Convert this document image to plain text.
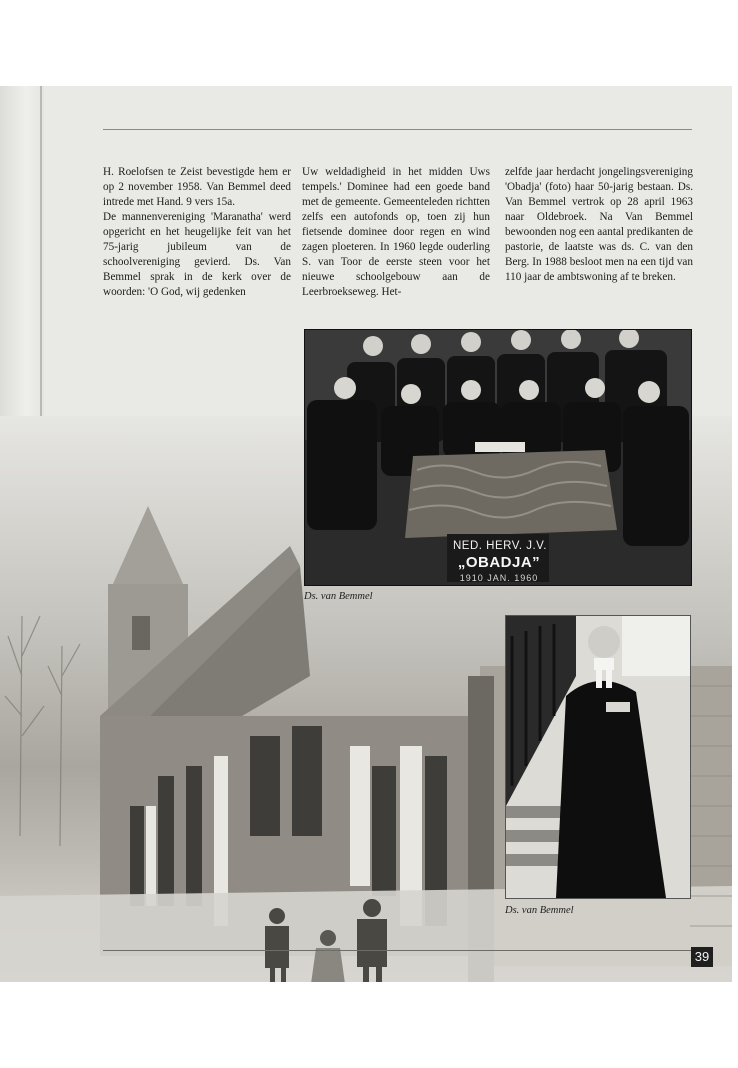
H. Roelofsen te Zeist bevestigde hem er op 2 november 1958. Van Bemmel deed intrede met Hand. 9 vers 15a.

De mannenvereniging 'Maranatha' werd opgericht en het heugelijke feit van het 75-jarig jubileum van de schoolvereniging gevierd. Ds. Van Bemmel sprak in de kerk over de woorden: 'O God, wij gedenken

Uw weldadigheid in het midden Uws tempels.' Dominee had een goede band met de gemeente. Gemeenteleden richtten zelfs een autofonds op, toen zij hun fietsende dominee door regen en wind zagen ploeteren. In 1960 legde ouderling S. van Toor de eerste steen voor het nieuwe schoolgebouw aan de Leerbroekseweg. Het-

zelfde jaar herdacht jongelingsvereniging 'Obadja' (foto) haar 50-jarig bestaan. Ds. Van Bemmel vertrok op 28 april 1963 naar Oldebroek. Na Van Bemmel bewoonden nog een aantal predikanten de pastorie, de laatste was ds. C. van den Berg. In 1988 besloot men na een tijd van 110 jaar de ambtswoning af te breken.

NED. HERV. J.V.
„OBADJA”
1910 JAN. 1960
Ds. van Bemmel
Ds. van Bemmel
39
